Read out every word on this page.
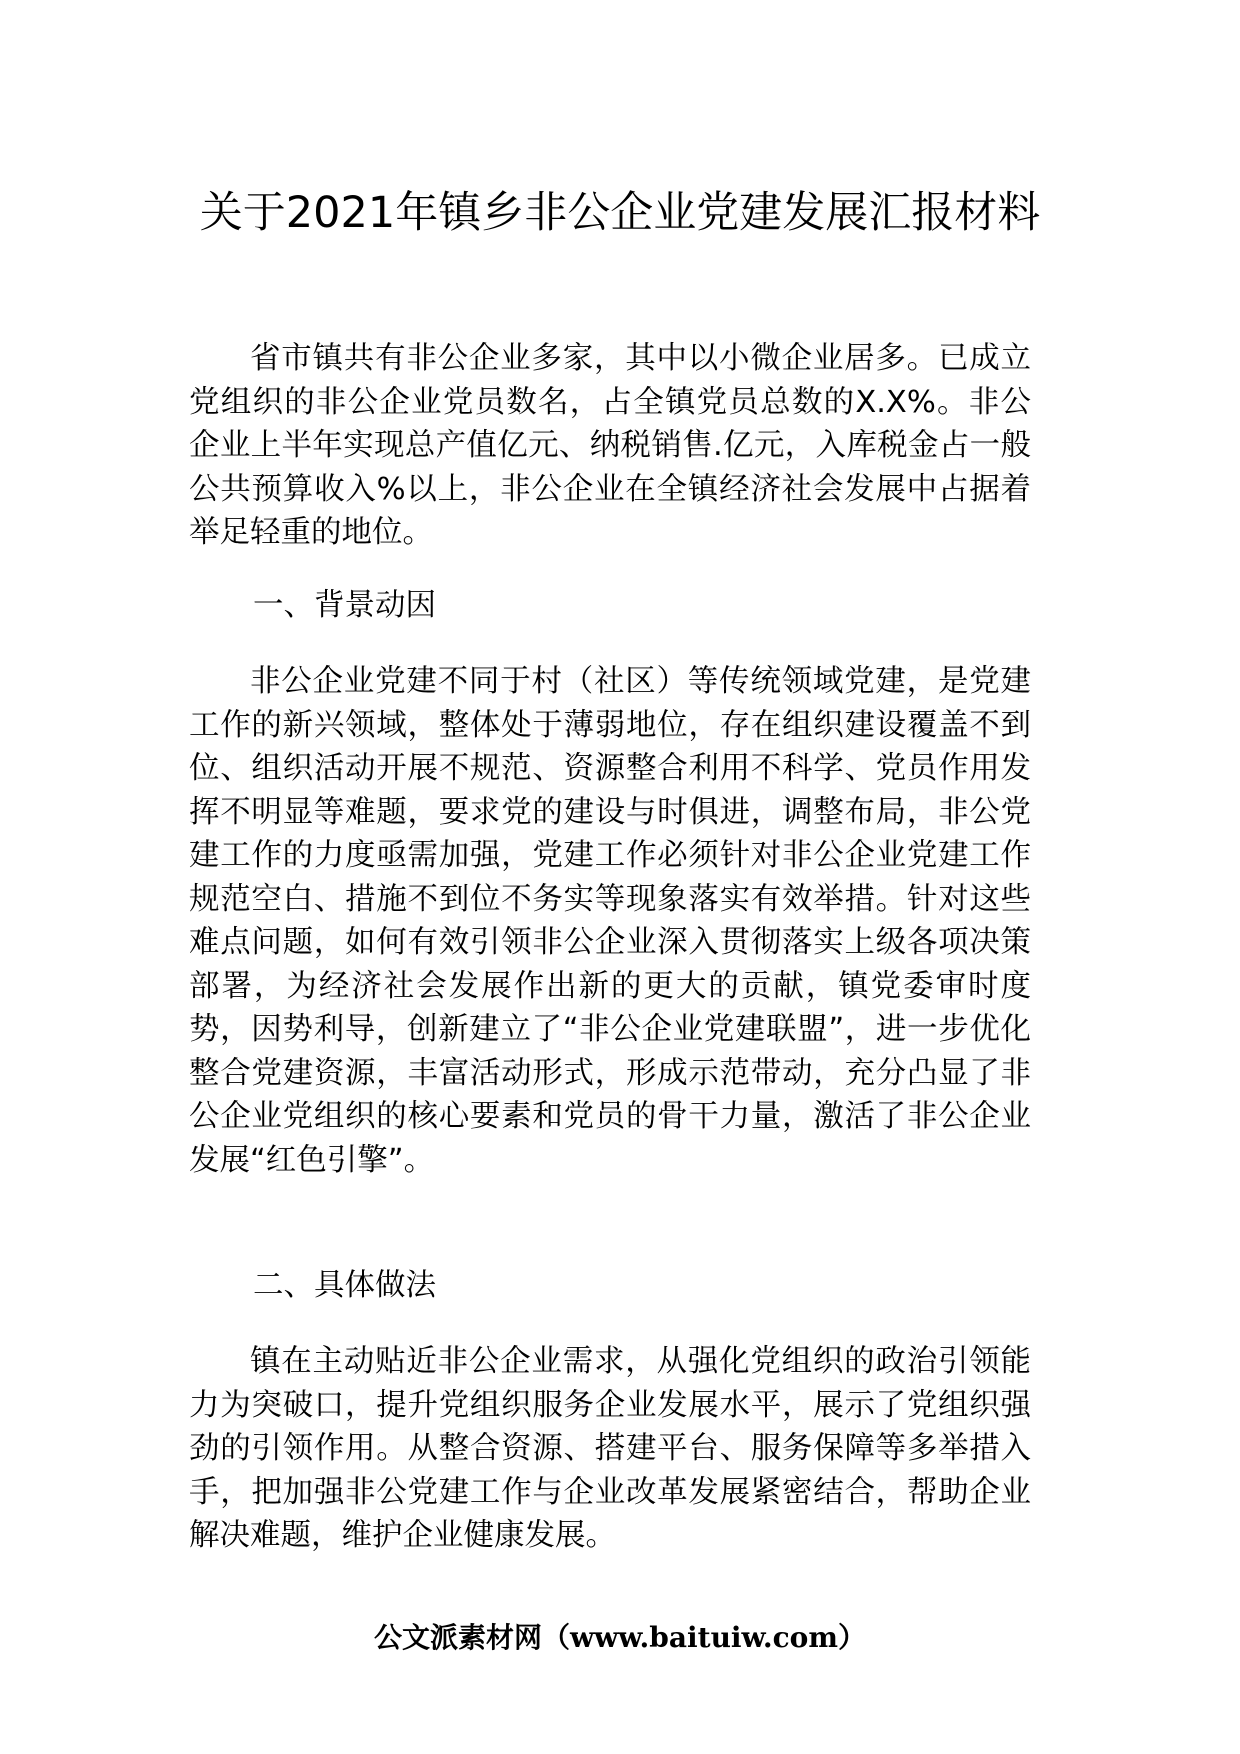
关于2021年镇乡非公企业党建发展汇报材料

省市镇共有非公企业多家，其中以小微企业居多。已成立党组织的非公企业党员数名，占全镇党员总数的X.X%。非公企业上半年实现总产值亿元、纳税销售.亿元，入库税金占一般公共预算收入%以上，非公企业在全镇经济社会发展中占据着举足轻重的地位。

一、背景动因

非公企业党建不同于村（社区）等传统领域党建，是党建工作的新兴领域，整体处于薄弱地位，存在组织建设覆盖不到位、组织活动开展不规范、资源整合利用不科学、党员作用发挥不明显等难题，要求党的建设与时俱进，调整布局，非公党建工作的力度亟需加强，党建工作必须针对非公企业党建工作规范空白、措施不到位不务实等现象落实有效举措。针对这些难点问题，如何有效引领非公企业深入贯彻落实上级各项决策部署，为经济社会发展作出新的更大的贡献，镇党委审时度势，因势利导，创新建立了“非公企业党建联盟”，进一步优化整合党建资源，丰富活动形式，形成示范带动，充分凸显了非公企业党组织的核心要素和党员的骨干力量，激活了非公企业发展“红色引擎”。

二、具体做法

镇在主动贴近非公企业需求，从强化党组织的政治引领能力为突破口，提升党组织服务企业发展水平，展示了党组织强劲的引领作用。从整合资源、搭建平台、服务保障等多举措入手，把加强非公党建工作与企业改革发展紧密结合，帮助企业解决难题，维护企业健康发展。

公文派素材网（www.baituiw.com）
